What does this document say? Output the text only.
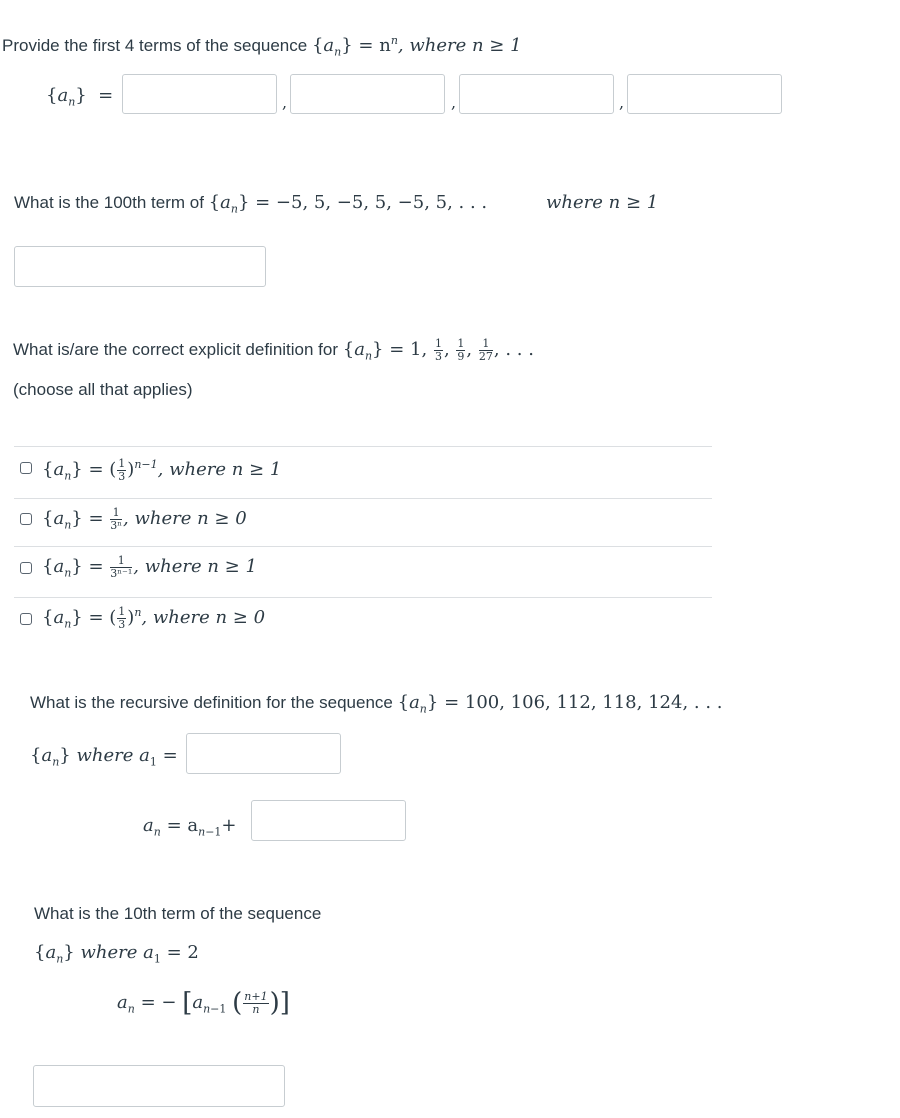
Provide the first 4 terms of the sequence $\{a_n\} = n^n$, where n ≥ 1
$\{a_n\}$  =	,	,	,
What is the 100th term of $\{a_n\} = -5$, 5, −5, 5, −5, 5, . . .	where n ≥ 1
What is/are the correct explicit definition for $\{a_n\} = 1$, $\frac{1}{3}$ , $\frac{1}{9}$ , $\frac{1}{27}$ , . . .
(choose all that applies)
$\{a_n\}$ = ( $\frac{1}{3} )^{n-1}$, where n ≥ 1
$\{a_n\} = \frac{1}{\text{3ⁿ}}$ , where n ≥ 0
$\{a_n\} = \frac{1}{\text{3ⁿ⁻¹}}$ , where n ≥ 1
$\{a_n\}$ = ( $\frac{1}{3} )^n$, where n ≥ 0
What is the recursive definition for the sequence $\{a_n\} = 100$, 106, 112, 118, 124, . . .
$\{a_n\}$ where $a_1$ =
$a_n = a_{n-1}+$
What is the 10th term of the sequence
$\{a_n\}$ where $a_1 = 2$
$a_n$ = − [$a_{n-1}$ ( $\frac{n+1}{n}$)]
